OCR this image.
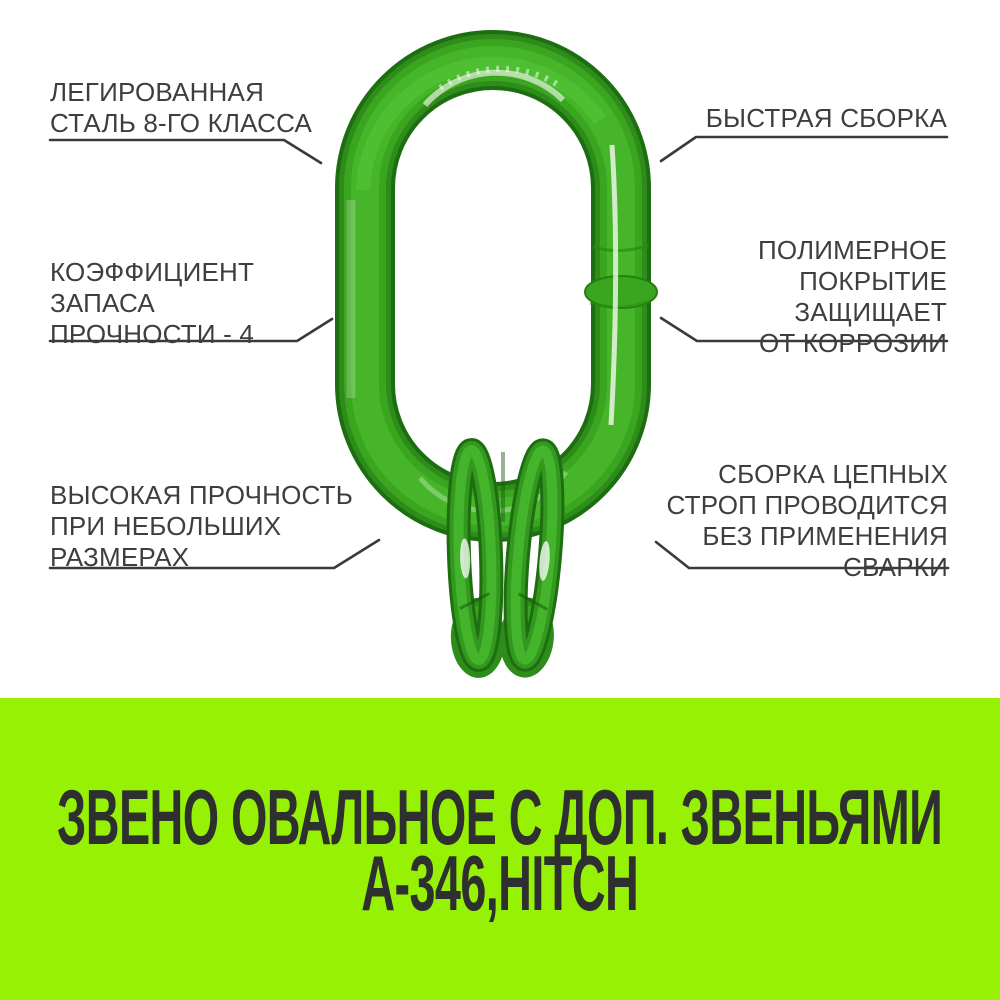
ЛЕГИРОВАННАЯ
СТАЛЬ 8-ГО КЛАССА	БЫСТРАЯ СБОРКА
КОЭФФИЦИЕНТ
ЗАПАСА
ПРОЧНОСТИ - 4
ПОЛИМЕРНОЕ
ПОКРЫТИЕ
ЗАЩИЩАЕТ
ОТ КОРРОЗИИ
ВЫСОКАЯ ПРОЧНОСТЬ
ПРИ НЕБОЛЬШИХ
РАЗМЕРАХ
СБОРКА ЦЕПНЫХ
СТРОП ПРОВОДИТСЯ
БЕЗ ПРИМЕНЕНИЯ
СВАРКИ
ЗВЕНО ОВАЛЬНОЕ С ДОП. ЗВЕНЬЯМИ
А-346,HITCH
